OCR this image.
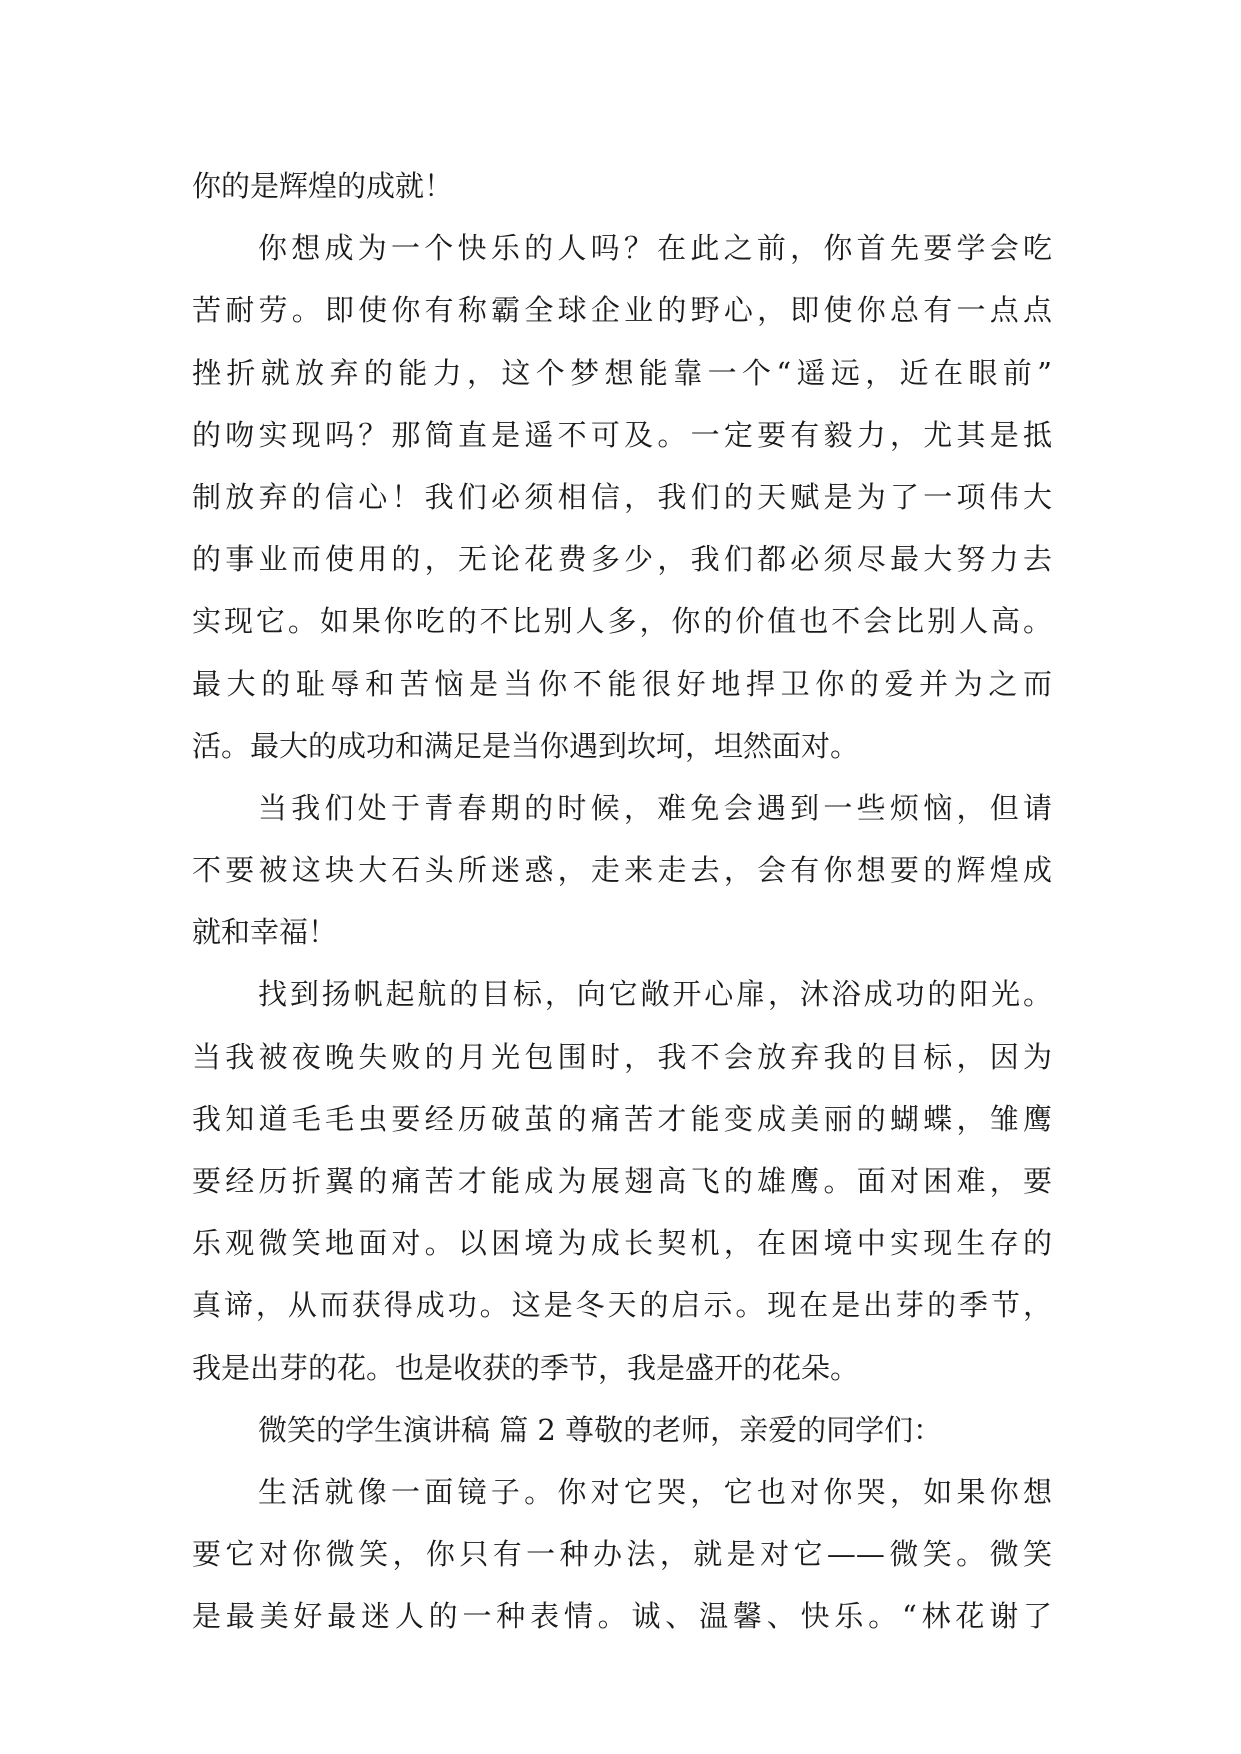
你的是辉煌的成就！
你想成为一个快乐的人吗？在此之前，你首先要学会吃
苦耐劳。即使你有称霸全球企业的野心，即使你总有一点点
挫折就放弃的能力，这个梦想能靠一个“遥远，近在眼前”
的吻实现吗？那简直是遥不可及。一定要有毅力，尤其是抵
制放弃的信心！我们必须相信，我们的天赋是为了一项伟大
的事业而使用的，无论花费多少，我们都必须尽最大努力去
实现它。如果你吃的不比别人多，你的价值也不会比别人高。
最大的耻辱和苦恼是当你不能很好地捍卫你的爱并为之而
活。最大的成功和满足是当你遇到坎坷，坦然面对。
当我们处于青春期的时候，难免会遇到一些烦恼，但请
不要被这块大石头所迷惑，走来走去，会有你想要的辉煌成
就和幸福！
找到扬帆起航的目标，向它敞开心扉，沐浴成功的阳光。
当我被夜晚失败的月光包围时，我不会放弃我的目标，因为
我知道毛毛虫要经历破茧的痛苦才能变成美丽的蝴蝶，雏鹰
要经历折翼的痛苦才能成为展翅高飞的雄鹰。面对困难，要
乐观微笑地面对。以困境为成长契机，在困境中实现生存的
真谛，从而获得成功。这是冬天的启示。现在是出芽的季节，
我是出芽的花。也是收获的季节，我是盛开的花朵。
微笑的学生演讲稿 篇 2 尊敬的老师，亲爱的同学们：
生活就像一面镜子。你对它哭，它也对你哭，如果你想
要它对你微笑，你只有一种办法，就是对它——微笑。微笑
是最美好最迷人的一种表情。诚、温馨、快乐。“林花谢了
